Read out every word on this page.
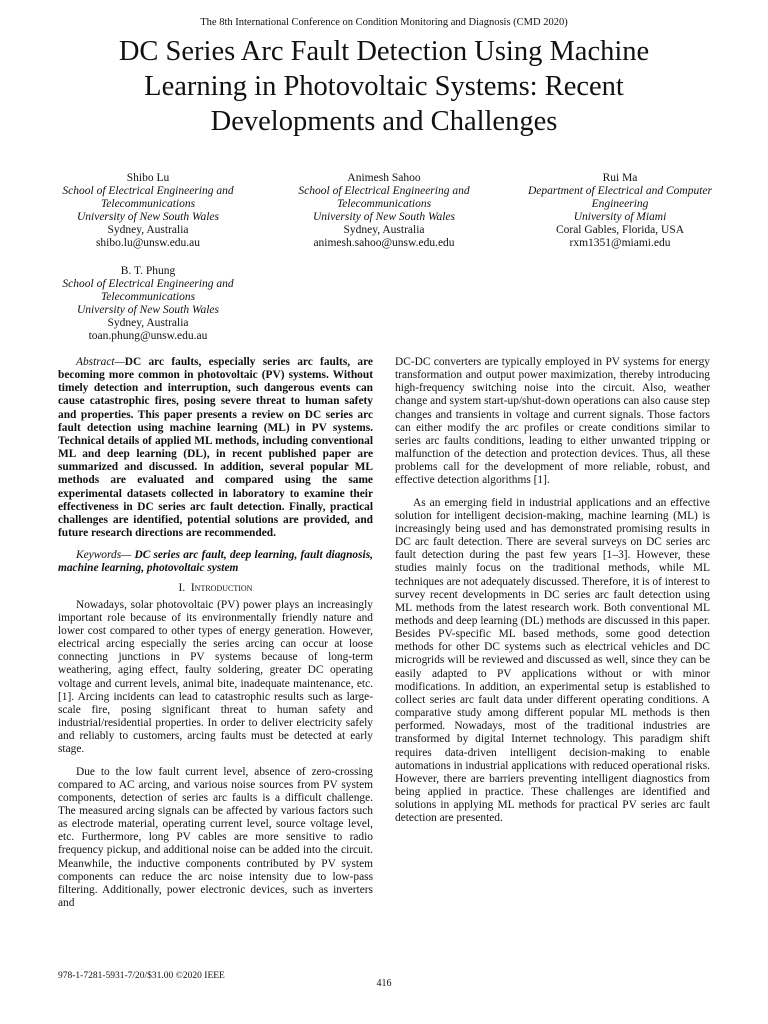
The 8th International Conference on Condition Monitoring and Diagnosis (CMD 2020)
DC Series Arc Fault Detection Using Machine
Learning in Photovoltaic Systems: Recent
Developments and Challenges
Shibo Lu
School of Electrical Engineering and
Telecommunications
University of New South Wales
Sydney, Australia
shibo.lu@unsw.edu.au
Animesh Sahoo
School of Electrical Engineering and
Telecommunications
University of New South Wales
Sydney, Australia
animesh.sahoo@unsw.edu.edu
Rui Ma
Department of Electrical and Computer
Engineering
University of Miami
Coral Gables, Florida, USA
rxm1351@miami.edu
B. T. Phung
School of Electrical Engineering and
Telecommunications
University of New South Wales
Sydney, Australia
toan.phung@unsw.edu.au

Abstract—DC arc faults, especially series arc faults, are becoming more common in photovoltaic (PV) systems. Without timely detection and interruption, such dangerous events can cause catastrophic fires, posing severe threat to human safety and properties. This paper presents a review on DC series arc fault detection using machine learning (ML) in PV systems. Technical details of applied ML methods, including conventional ML and deep learning (DL), in recent published paper are summarized and discussed. In addition, several popular ML methods are evaluated and compared using the same experimental datasets collected in laboratory to examine their effectiveness in DC series arc fault detection. Finally, practical challenges are identified, potential solutions are provided, and future research directions are recommended.

Keywords— DC series arc fault, deep learning, fault diagnosis, machine learning, photovoltaic system

I. Introduction

Nowadays, solar photovoltaic (PV) power plays an increasingly important role because of its environmentally friendly nature and lower cost compared to other types of energy generation. However, electrical arcing especially the series arcing can occur at loose connecting junctions in PV systems because of long-term weathering, aging effect, faulty soldering, greater DC operating voltage and current levels, animal bite, inadequate maintenance, etc. [1]. Arcing incidents can lead to catastrophic results such as large-scale fire, posing significant threat to human safety and industrial/residential properties. In order to deliver electricity safely and reliably to customers, arcing faults must be detected at early stage.

Due to the low fault current level, absence of zero-crossing compared to AC arcing, and various noise sources from PV system components, detection of series arc faults is a difficult challenge. The measured arcing signals can be affected by various factors such as electrode material, operating current level, source voltage level, etc. Furthermore, long PV cables are more sensitive to radio frequency pickup, and additional noise can be added into the circuit. Meanwhile, the inductive components contributed by PV system components can reduce the arc noise intensity due to low-pass filtering. Additionally, power electronic devices, such as inverters and

DC-DC converters are typically employed in PV systems for energy transformation and output power maximization, thereby introducing high-frequency switching noise into the circuit. Also, weather change and system start-up/shut-down operations can also cause step changes and transients in voltage and current signals. Those factors can either modify the arc profiles or create conditions similar to series arc faults conditions, leading to either unwanted tripping or malfunction of the detection and protection devices. Thus, all these problems call for the development of more reliable, robust, and effective detection algorithms [1].

As an emerging field in industrial applications and an effective solution for intelligent decision-making, machine learning (ML) is increasingly being used and has demonstrated promising results in DC arc fault detection. There are several surveys on DC series arc fault detection during the past few years [1–3]. However, these studies mainly focus on the traditional methods, while ML techniques are not adequately discussed. Therefore, it is of interest to survey recent developments in DC series arc fault detection using ML methods from the latest research work. Both conventional ML methods and deep learning (DL) methods are discussed in this paper. Besides PV-specific ML based methods, some good detection methods for other DC systems such as electrical vehicles and DC microgrids will be reviewed and discussed as well, since they can be easily adapted to PV applications without or with minor modifications. In addition, an experimental setup is established to collect series arc fault data under different operating conditions. A comparative study among different popular ML methods is then performed. Nowadays, most of the traditional industries are transformed by digital Internet technology. This paradigm shift requires data-driven intelligent decision-making to enable automations in industrial applications with reduced operational risks. However, there are barriers preventing intelligent diagnostics from being applied in practice. These challenges are identified and solutions in applying ML methods for practical PV series arc fault detection are presented.

978-1-7281-5931-7/20/$31.00 ©2020 IEEE
416
